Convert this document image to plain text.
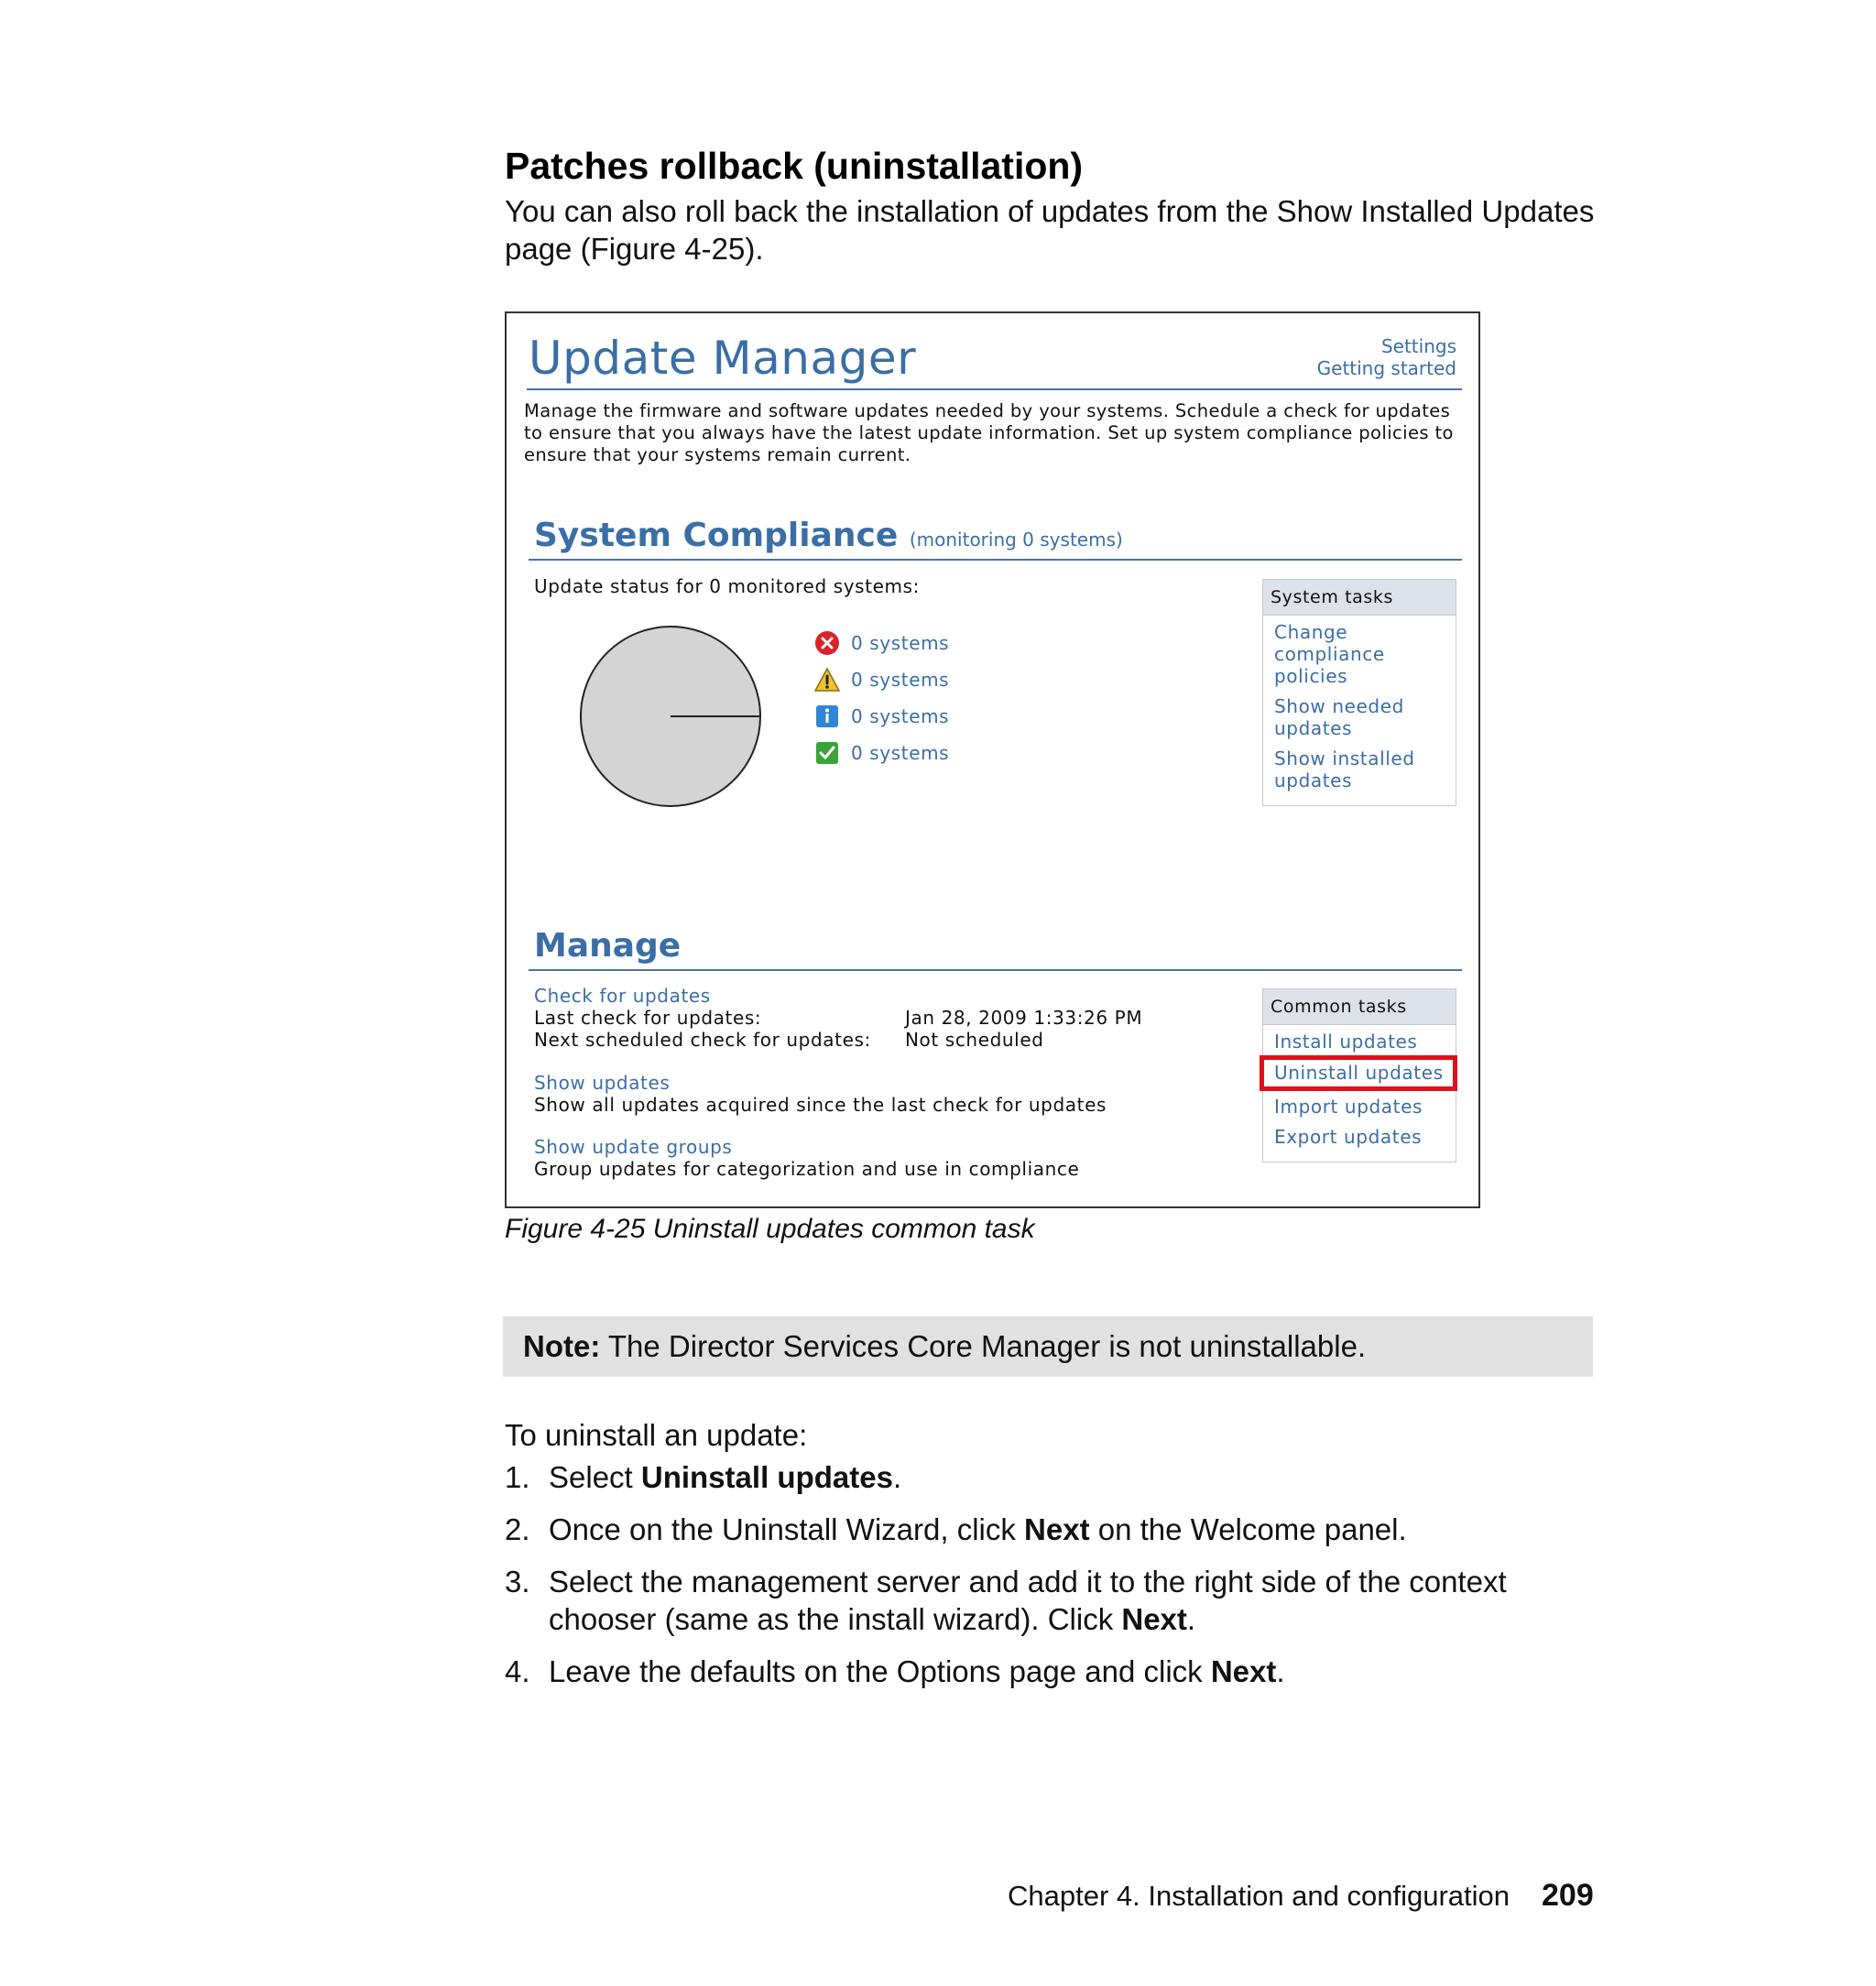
Patches rollback (uninstallation)
You can also roll back the installation of updates from the Show Installed Updates page (Figure 4-25).
Update Manager	Settings
Getting started
Manage the firmware and software updates needed by your systems. Schedule a check for updates to ensure that you always have the latest update information. Set up system compliance policies to ensure that your systems remain current.
System Compliance (monitoring 0 systems)
Update status for 0 monitored systems:
0 systems
0 systems
0 systems
0 systems
System tasks
Change compliance policies
Show needed updates
Show installed updates
Manage
Check for updates
Last check for updates:	Jan 28, 2009 1:33:26 PM
Next scheduled check for updates: Not scheduled
Show updates
Show all updates acquired since the last check for updates
Show update groups
Group updates for categorization and use in compliance
Common tasks
Install updates
Uninstall updates
Import updates
Export updates
Figure 4-25 Uninstall updates common task
Note: The Director Services Core Manager is not uninstallable.
To uninstall an update:
1. Select Uninstall updates.
2. Once on the Uninstall Wizard, click Next on the Welcome panel.
3. Select the management server and add it to the right side of the context chooser (same as the install wizard). Click Next.
4. Leave the defaults on the Options page and click Next.
Chapter 4. Installation and configuration 209
